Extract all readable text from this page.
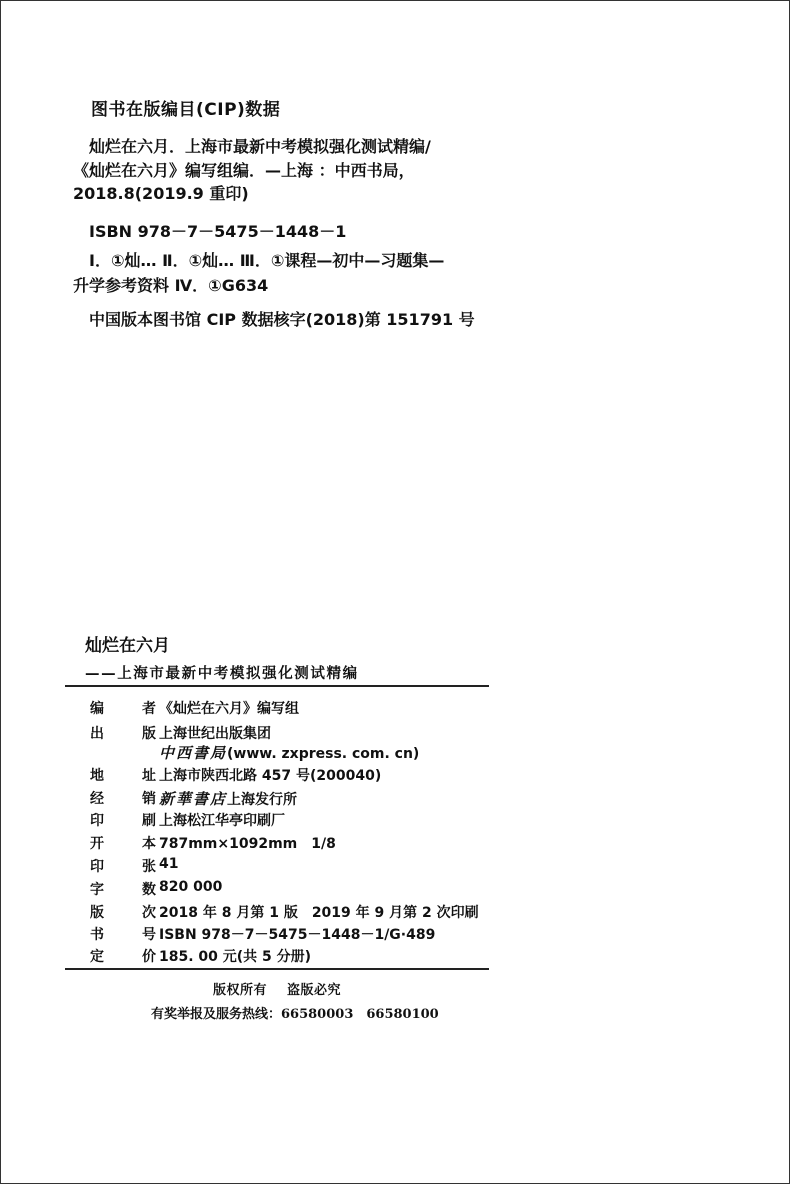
图书在版编目(CIP)数据
灿烂在六月．上海市最新中考模拟强化测试精编/
《灿烂在六月》编写组编．—上海 ：中西书局，
2018.8(2019.9 重印)
ISBN 978－7－5475－1448－1
Ⅰ．①灿… Ⅱ．①灿… Ⅲ．①课程—初中—习题集—
升学参考资料 Ⅳ．①G634
中国版本图书馆 CIP 数据核字(2018)第 151791 号
灿烂在六月
——上海市最新中考模拟强化测试精编
编	者 《灿烂在六月》编写组
出	版 上海世纪出版集团
中西書局(www. zxpress. com. cn)
地	址 上海市陕西北路 457 号(200040)
经	销 新華書店上海发行所
印	刷 上海松江华亭印刷厂
开	本 787mm×1092mm　1/8
印	张 41
字	数 820 000
版	次 2018 年 8 月第 1 版　2019 年 9 月第 2 次印刷
书	号 ISBN 978－7－5475－1448－1/G·489
定	价 185. 00 元(共 5 分册)
版权所有 盗版必究
有奖举报及服务热线：66580003　66580100
